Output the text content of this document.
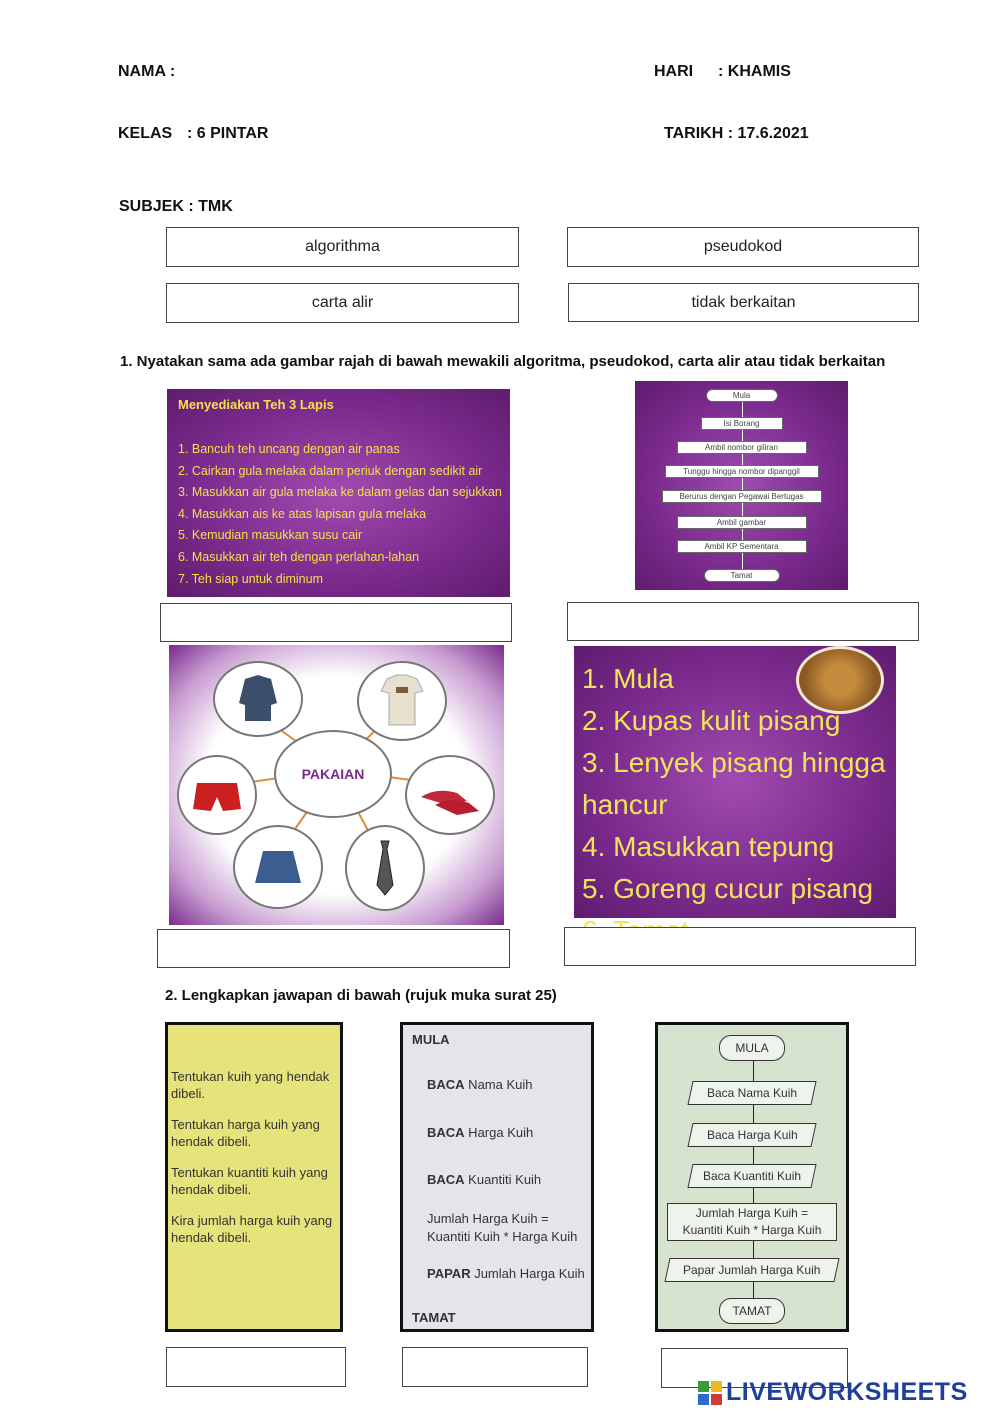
NAMA :	HARI : KHAMIS
KELAS : 6 PINTAR	TARIKH : 17.6.2021
SUBJEK : TMK
algorithma	pseudokod
carta alir	tidak berkaitan
1. Nyatakan sama ada gambar rajah di bawah mewakili algoritma, pseudokod, carta alir atau tidak berkaitan
Menyediakan Teh 3 Lapis
1. Bancuh teh uncang dengan air panas
2. Cairkan gula melaka dalam periuk dengan sedikit air
3. Masukkan air gula melaka ke dalam gelas dan sejukkan
4. Masukkan ais ke atas lapisan gula melaka
5. Kemudian masukkan susu cair
6. Masukkan air teh dengan perlahan-lahan
7. Teh siap untuk diminum
Mula
Isi Borang
Ambil nombor giliran
Tunggu hingga nombor dipanggil
Berurus dengan Pegawai Bertugas
Ambil gambar
Ambil KP Sementara
Tamat
PAKAIAN
1. Mula
2. Kupas kulit pisang
3. Lenyek pisang hingga hancur
4. Masukkan tepung
5. Goreng cucur pisang
2. Lengkapkan jawapan di bawah (rujuk muka surat 25)
Tentukan kuih yang hendak dibeli.
Tentukan harga kuih yang hendak dibeli.
Tentukan kuantiti kuih yang hendak dibeli.
Kira jumlah harga kuih yang hendak dibeli.
MULA
BACA Nama Kuih
BACA Harga Kuih
BACA Kuantiti Kuih
Jumlah Harga Kuih =
Kuantiti Kuih * Harga Kuih
PAPAR Jumlah Harga Kuih
TAMAT
MULA
Baca Nama Kuih
Baca Harga Kuih
Baca Kuantiti Kuih
Jumlah Harga Kuih =
Kuantiti Kuih * Harga Kuih
Papar Jumlah Harga Kuih
TAMAT
LIVEWORKSHEETS
